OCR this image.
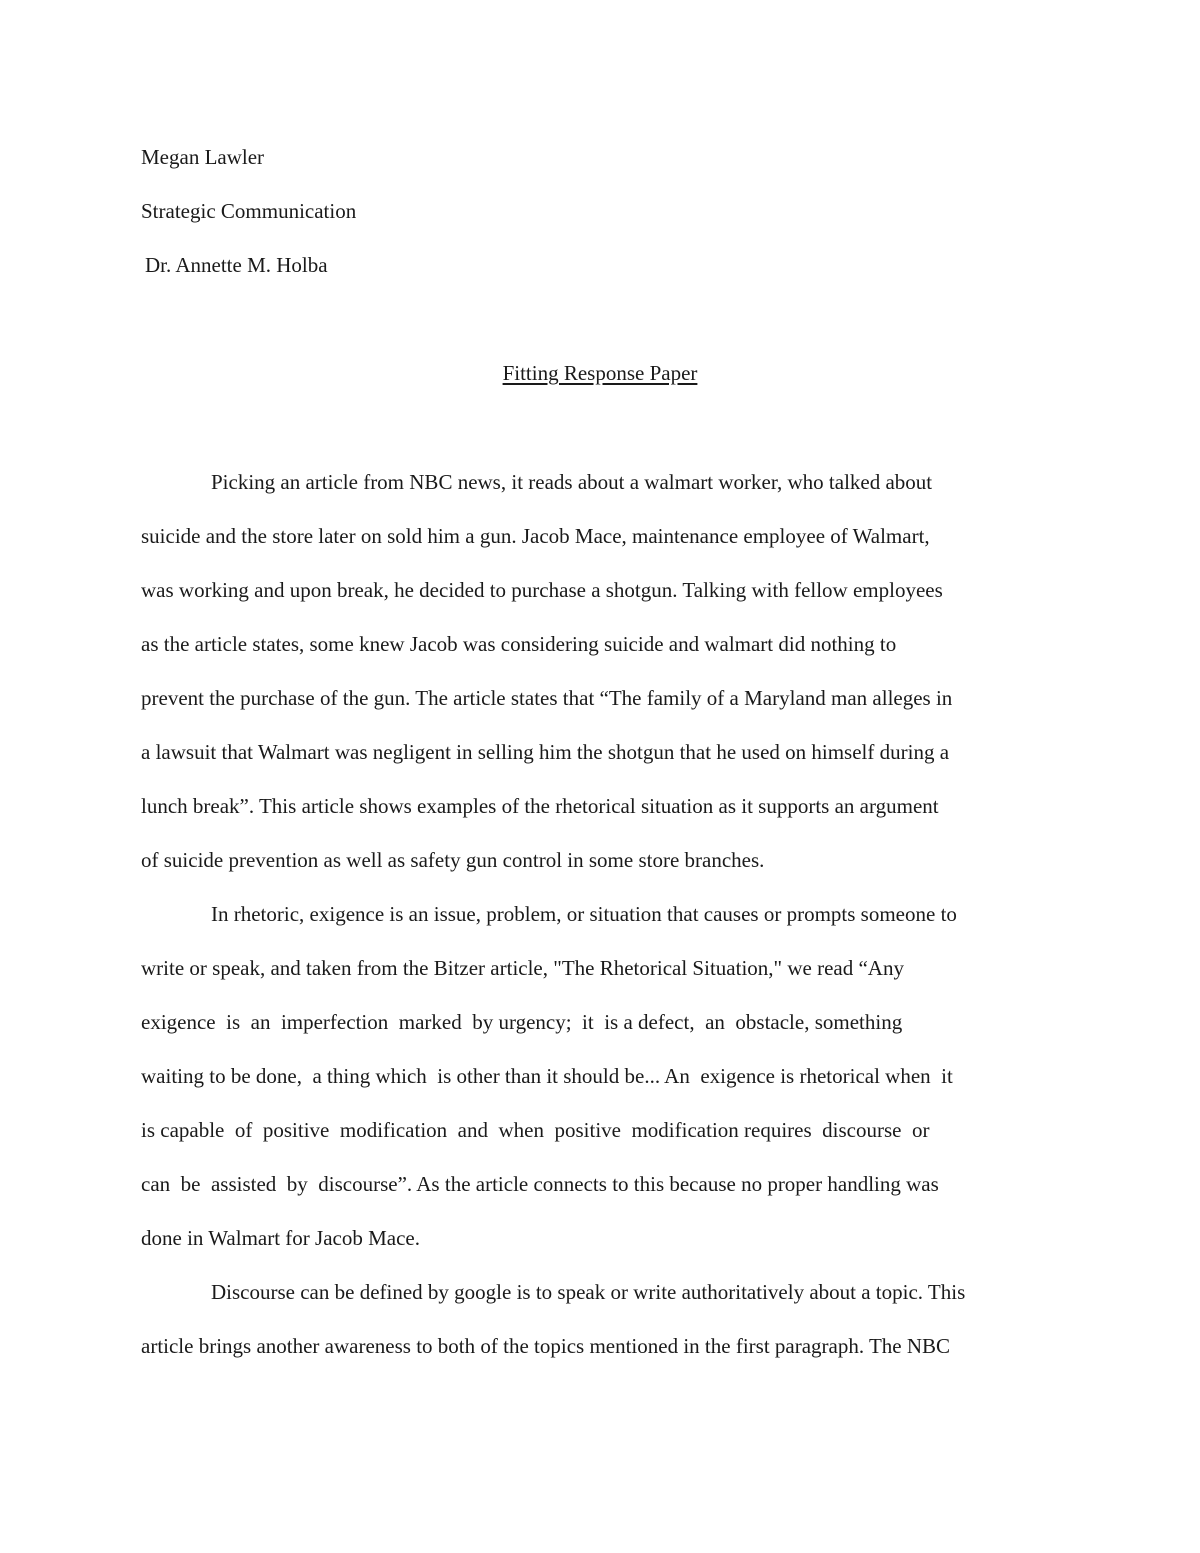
Megan Lawler
Strategic Communication
Dr. Annette M. Holba
Fitting Response Paper
Picking an article from NBC news, it reads about a walmart worker, who talked about
suicide and the store later on sold him a gun. Jacob Mace, maintenance employee of Walmart,
was working and upon break, he decided to purchase a shotgun. Talking with fellow employees
as the article states, some knew Jacob was considering suicide and walmart did nothing to
prevent the purchase of the gun. The article states that “The family of a Maryland man alleges in
a lawsuit that Walmart was negligent in selling him the shotgun that he used on himself during a
lunch break”. This article shows examples of the rhetorical situation as it supports an argument
of suicide prevention as well as safety gun control in some store branches.
In rhetoric, exigence is an issue, problem, or situation that causes or prompts someone to
write or speak, and taken from the Bitzer article, "The Rhetorical Situation," we read “Any
exigence  is  an  imperfection  marked  by urgency;  it  is a defect,  an  obstacle, something
waiting to be done,  a thing which  is other than it should be... An  exigence is rhetorical when  it
is capable  of  positive  modification  and  when  positive  modification requires  discourse  or
can  be  assisted  by  discourse”. As the article connects to this because no proper handling was
done in Walmart for Jacob Mace.
Discourse can be defined by google is to speak or write authoritatively about a topic. This
article brings another awareness to both of the topics mentioned in the first paragraph. The NBC
